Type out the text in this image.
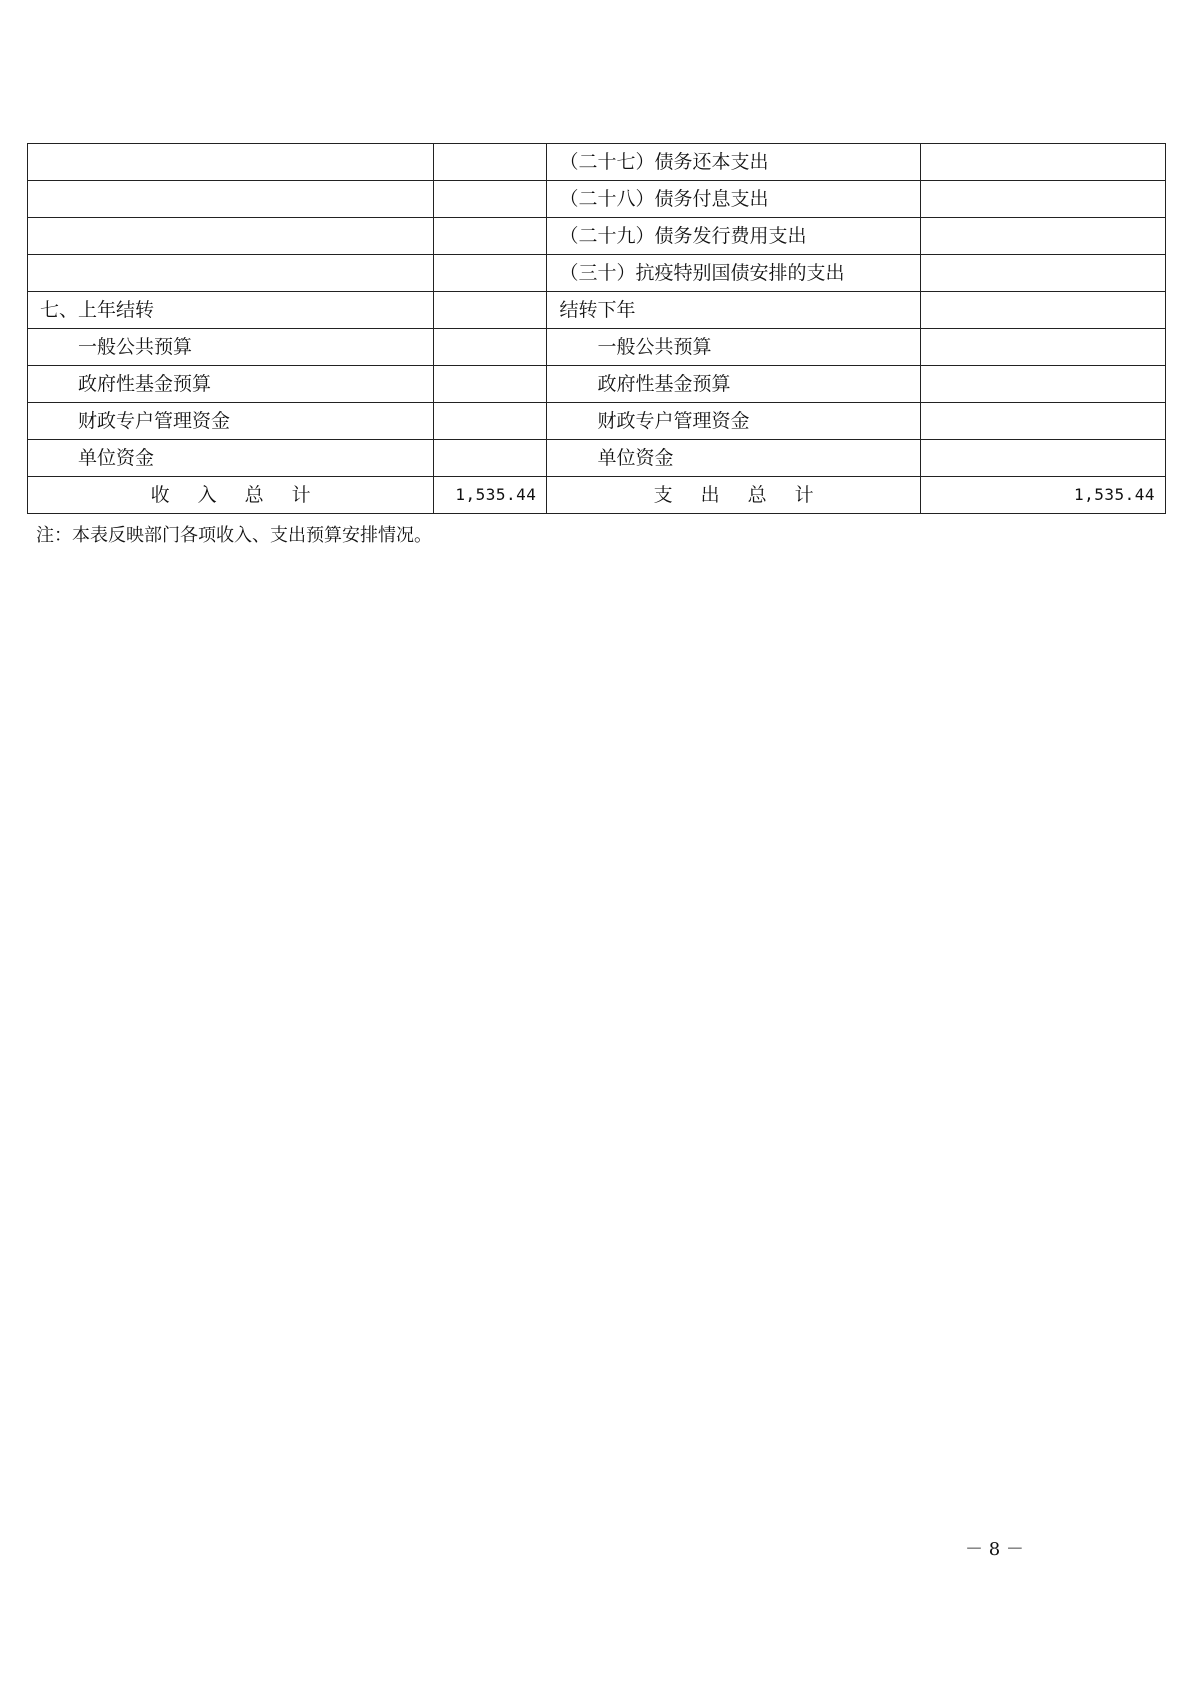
		（二十七）债务还本支出	
		（二十八）债务付息支出	
		（二十九）债务发行费用支出	
		（三十）抗疫特别国债安排的支出	
七、上年结转		结转下年	
一般公共预算		一般公共预算	
政府性基金预算		政府性基金预算	
财政专户管理资金		财政专户管理资金	
单位资金		单位资金	
收入总计	1,535.44	支出总计	1,535.44
注：本表反映部门各项收入、支出预算安排情况。
－ 8 －
